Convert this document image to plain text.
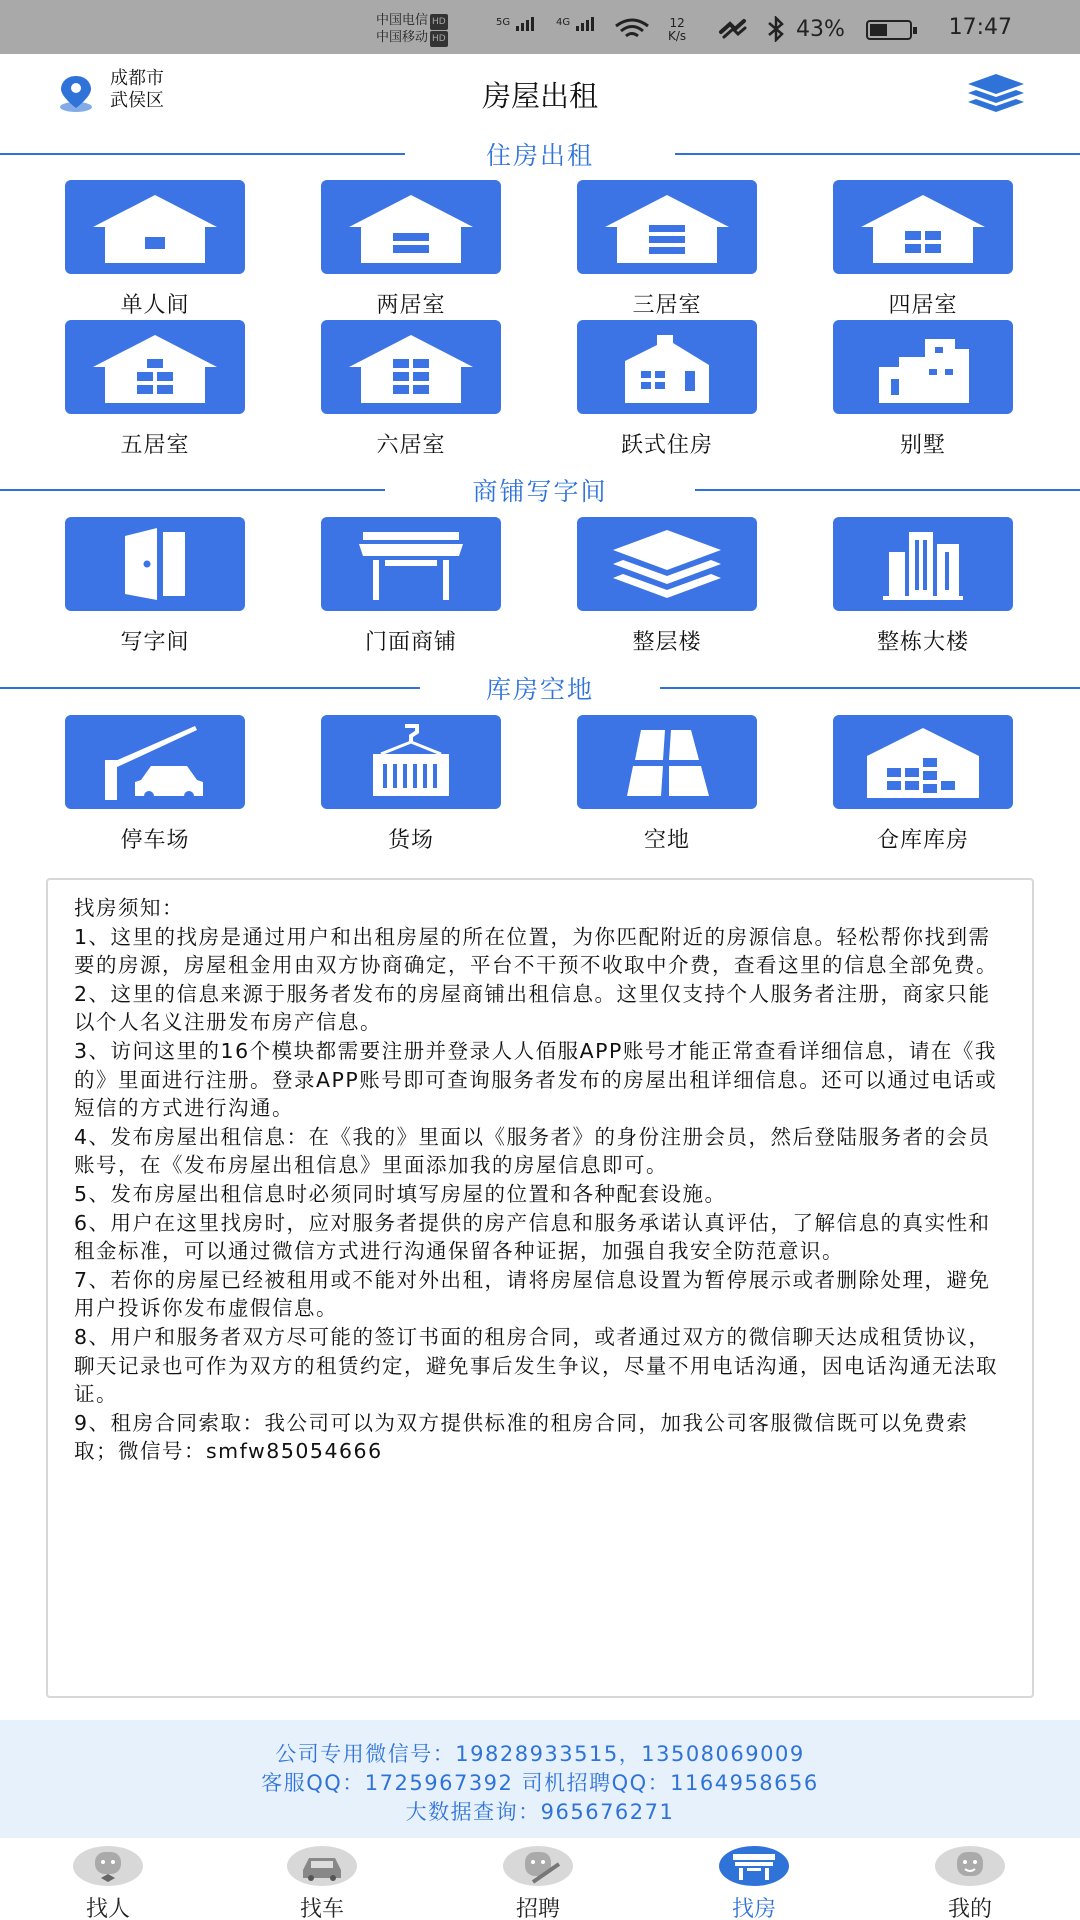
中国电信 HD
中国移动 HD
$^{5G}$	$^{4G}$	12
K/s	43%	17:47
成都市
武侯区	房屋出租
住房出租
单人间	两居室	三居室	四居室
五居室	六居室	跃式住房	别墅
商铺写字间
写字间	门面商铺	整层楼	整栋大楼
库房空地
停车场	货场	空地	仓库库房

找房须知：

1、这里的找房是通过用户和出租房屋的所在位置，为你匹配附近的房源信息。轻松帮你找到需要的房源，房屋租金用由双方协商确定，平台不干预不收取中介费，查看这里的信息全部免费。

2、这里的信息来源于服务者发布的房屋商铺出租信息。这里仅支持个人服务者注册，商家只能以个人名义注册发布房产信息。

3、访问这里的16个模块都需要注册并登录人人佰服APP账号才能正常查看详细信息，请在《我的》里面进行注册。登录APP账号即可查询服务者发布的房屋出租详细信息。还可以通过电话或短信的方式进行沟通。

4、发布房屋出租信息：在《我的》里面以《服务者》的身份注册会员，然后登陆服务者的会员账号，在《发布房屋出租信息》里面添加我的房屋信息即可。

5、发布房屋出租信息时必须同时填写房屋的位置和各种配套设施。

6、用户在这里找房时，应对服务者提供的房产信息和服务承诺认真评估，了解信息的真实性和租金标准，可以通过微信方式进行沟通保留各种证据，加强自我安全防范意识。

7、若你的房屋已经被租用或不能对外出租，请将房屋信息设置为暂停展示或者删除处理，避免用户投诉你发布虚假信息。

8、用户和服务者双方尽可能的签订书面的租房合同，或者通过双方的微信聊天达成租赁协议，聊天记录也可作为双方的租赁约定，避免事后发生争议，尽量不用电话沟通，因电话沟通无法取证。

9、租房合同索取：我公司可以为双方提供标准的租房合同，加我公司客服微信既可以免费索取；微信号：smfw85054666

公司专用微信号：19828933515，13508069009
客服QQ：1725967392 司机招聘QQ：1164958656
大数据查询：965676271
找人	找车	招聘	找房	我的
